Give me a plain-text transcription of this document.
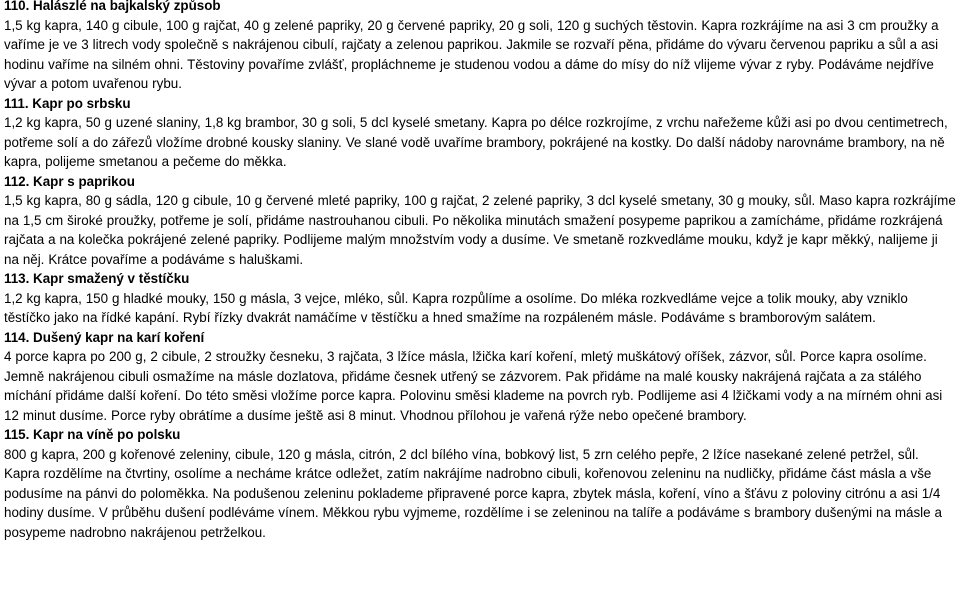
110. Halászlé na bajkalský způsob

1,5 kg kapra, 140 g cibule, 100 g rajčat, 40 g zelené papriky, 20 g červené papriky, 20 g soli, 120 g suchých těstovin. Kapra rozkrájíme na asi 3 cm proužky a vaříme je ve 3 litrech vody společně s nakrájenou cibulí, rajčaty a zelenou paprikou. Jakmile se rozvaří pěna, přidáme do vývaru červenou papriku a sůl a asi hodinu vaříme na silném ohni. Těstoviny povaříme zvlášť, propláchneme je studenou vodou a dáme do mísy do níž vlijeme vývar z ryby. Podáváme nejdříve vývar a potom uvařenou rybu.

111. Kapr po srbsku

1,2 kg kapra, 50 g uzené slaniny, 1,8 kg brambor, 30 g soli, 5 dcl kyselé smetany. Kapra po délce rozkrojíme, z vrchu nařežeme kůži asi po dvou centimetrech, potřeme solí a do zářezů vložíme drobné kousky slaniny. Ve slané vodě uvaříme brambory, pokrájené na kostky. Do další nádoby narovnáme brambory, na ně kapra, polijeme smetanou a pečeme do měkka.

112. Kapr s paprikou

1,5 kg kapra, 80 g sádla, 120 g cibule, 10 g červené mleté papriky, 100 g rajčat, 2 zelené papriky, 3 dcl kyselé smetany, 30 g mouky, sůl. Maso kapra rozkrájíme na 1,5 cm široké proužky, potřeme je solí, přidáme nastrouhanou cibuli. Po několika minutách smažení posypeme paprikou a zamícháme, přidáme rozkrájená rajčata a na kolečka pokrájené zelené papriky. Podlijeme malým množstvím vody a dusíme. Ve smetaně rozkvedláme mouku, když je kapr měkký, nalijeme ji na něj. Krátce povaříme a podáváme s haluškami.

113. Kapr smažený v těstíčku

1,2 kg kapra, 150 g hladké mouky, 150 g másla, 3 vejce, mléko, sůl. Kapra rozpůlíme a osolíme. Do mléka rozkvedláme vejce a tolik mouky, aby vzniklo těstíčko jako na řídké kapání. Rybí řízky dvakrát namáčíme v těstíčku a hned smažíme na rozpáleném másle. Podáváme s bramborovým salátem.

114. Dušený kapr na karí koření

4 porce kapra po 200 g, 2 cibule, 2 stroužky česneku, 3 rajčata, 3 lžíce másla, lžička karí koření, mletý muškátový oříšek, zázvor, sůl. Porce kapra osolíme. Jemně nakrájenou cibuli osmažíme na másle dozlatova, přidáme česnek utřený se zázvorem. Pak přidáme na malé kousky nakrájená rajčata a za stálého míchání přidáme další koření. Do této směsi vložíme porce kapra. Polovinu směsi klademe na povrch ryb. Podlijeme asi 4 lžičkami vody a na mírném ohni asi 12 minut dusíme. Porce ryby obrátíme a dusíme ještě asi 8 minut. Vhodnou přílohou je vařená rýže nebo opečené brambory.

115. Kapr na víně po polsku

800 g kapra, 200 g kořenové zeleniny, cibule, 120 g másla, citrón, 2 dcl bílého vína, bobkový list, 5 zrn celého pepře, 2 lžíce nasekané zelené petržel, sůl. Kapra rozdělíme na čtvrtiny, osolíme a necháme krátce odležet, zatím nakrájíme nadrobno cibuli, kořenovou zeleninu na nudličky, přidáme část másla a vše podusíme na pánvi do poloměkka. Na podušenou zeleninu poklademe připravené porce kapra, zbytek másla, koření, víno a šťávu z poloviny citrónu a asi 1/4 hodiny dusíme. V průběhu dušení podléváme vínem. Měkkou rybu vyjmeme, rozdělíme i se zeleninou na talíře a podáváme s brambory dušenými na másle a posypeme nadrobno nakrájenou petrželkou.
